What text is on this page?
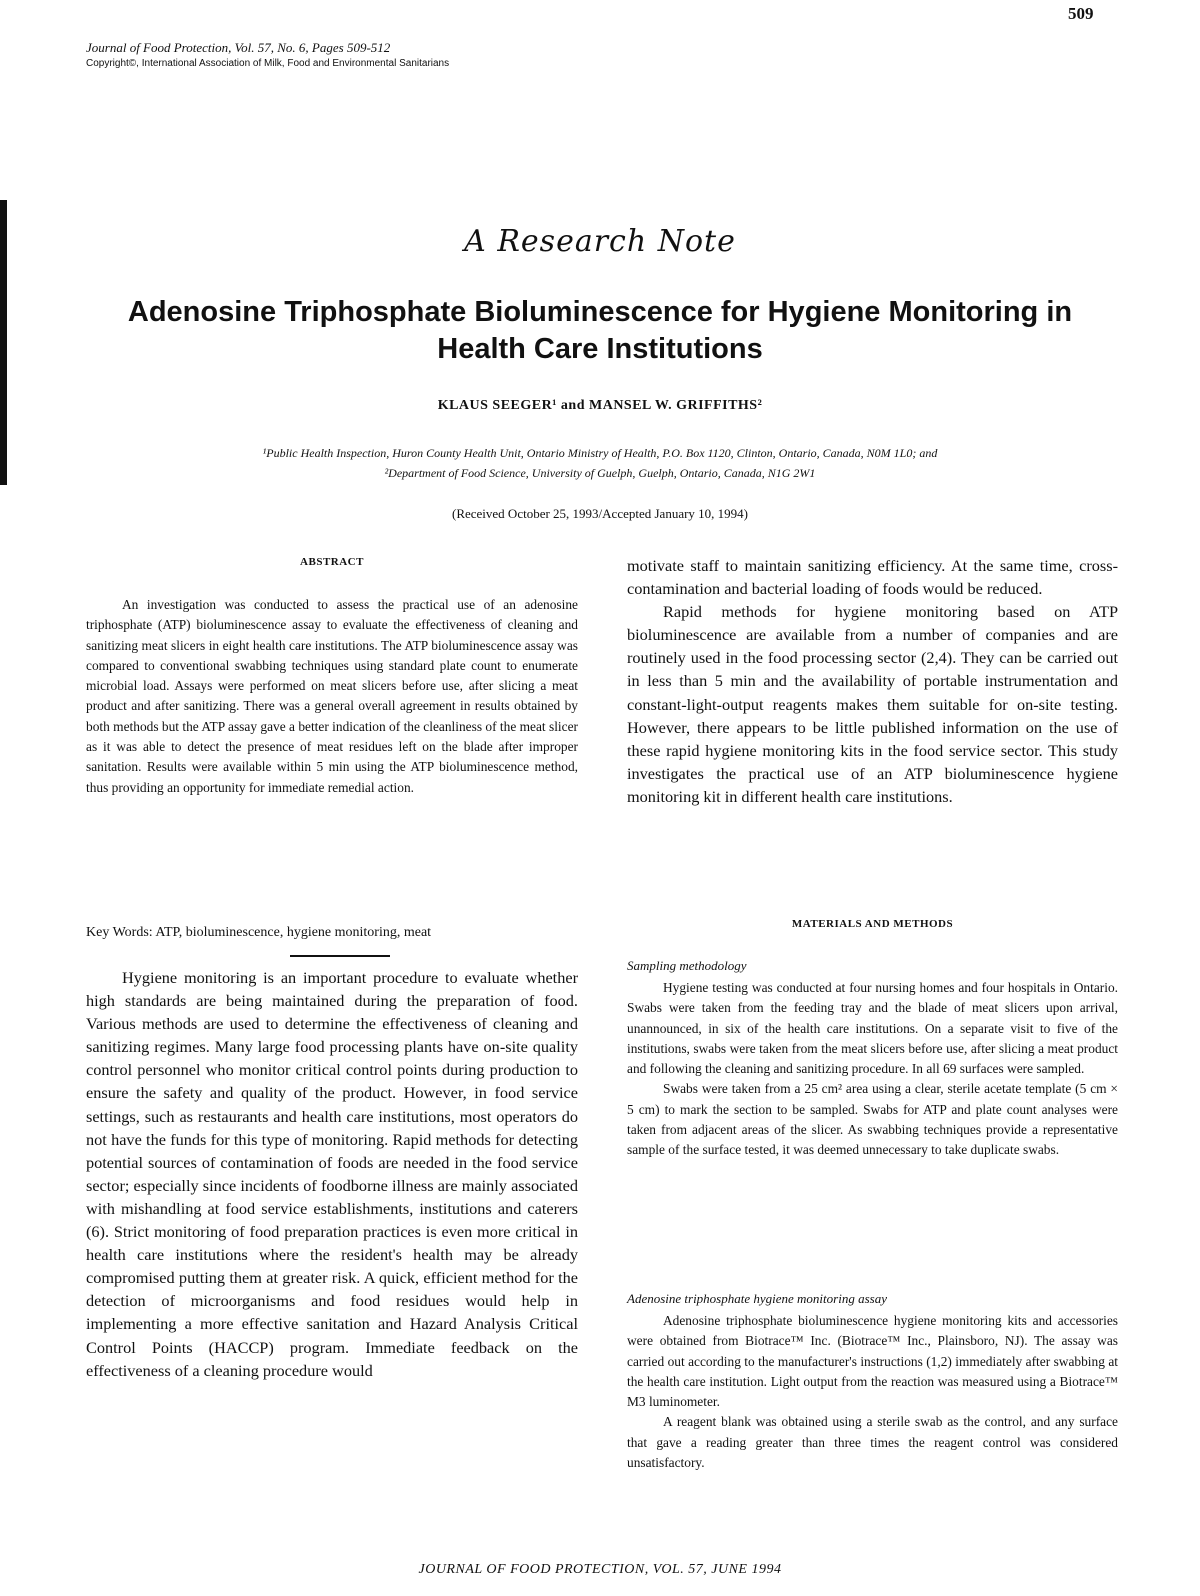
509
Journal of Food Protection, Vol. 57, No. 6, Pages 509-512
Copyright©, International Association of Milk, Food and Environmental Sanitarians
A Research Note
Adenosine Triphosphate Bioluminescence for Hygiene Monitoring in Health Care Institutions
KLAUS SEEGER¹ and MANSEL W. GRIFFITHS²
¹Public Health Inspection, Huron County Health Unit, Ontario Ministry of Health, P.O. Box 1120, Clinton, Ontario, Canada, N0M 1L0; and
²Department of Food Science, University of Guelph, Guelph, Ontario, Canada, N1G 2W1
(Received October 25, 1993/Accepted January 10, 1994)
ABSTRACT

An investigation was conducted to assess the practical use of an adenosine triphosphate (ATP) bioluminescence assay to evaluate the effectiveness of cleaning and sanitizing meat slicers in eight health care institutions. The ATP bioluminescence assay was compared to conventional swabbing techniques using standard plate count to enumerate microbial load. Assays were performed on meat slicers before use, after slicing a meat product and after sanitizing. There was a general overall agreement in results obtained by both methods but the ATP assay gave a better indication of the cleanliness of the meat slicer as it was able to detect the presence of meat residues left on the blade after improper sanitation. Results were available within 5 min using the ATP bioluminescence method, thus providing an opportunity for immediate remedial action.

Key Words: ATP, bioluminescence, hygiene monitoring, meat

Hygiene monitoring is an important procedure to evaluate whether high standards are being maintained during the preparation of food. Various methods are used to determine the effectiveness of cleaning and sanitizing regimes. Many large food processing plants have on-site quality control personnel who monitor critical control points during production to ensure the safety and quality of the product. However, in food service settings, such as restaurants and health care institutions, most operators do not have the funds for this type of monitoring. Rapid methods for detecting potential sources of contamination of foods are needed in the food service sector; especially since incidents of foodborne illness are mainly associated with mishandling at food service establishments, institutions and caterers (6). Strict monitoring of food preparation practices is even more critical in health care institutions where the resident's health may be already compromised putting them at greater risk. A quick, efficient method for the detection of microorganisms and food residues would help in implementing a more effective sanitation and Hazard Analysis Critical Control Points (HACCP) program. Immediate feedback on the effectiveness of a cleaning procedure would

motivate staff to maintain sanitizing efficiency. At the same time, cross-contamination and bacterial loading of foods would be reduced.

Rapid methods for hygiene monitoring based on ATP bioluminescence are available from a number of companies and are routinely used in the food processing sector (2,4). They can be carried out in less than 5 min and the availability of portable instrumentation and constant-light-output reagents makes them suitable for on-site testing. However, there appears to be little published information on the use of these rapid hygiene monitoring kits in the food service sector. This study investigates the practical use of an ATP bioluminescence hygiene monitoring kit in different health care institutions.

MATERIALS AND METHODS
Sampling methodology

Hygiene testing was conducted at four nursing homes and four hospitals in Ontario. Swabs were taken from the feeding tray and the blade of meat slicers upon arrival, unannounced, in six of the health care institutions. On a separate visit to five of the institutions, swabs were taken from the meat slicers before use, after slicing a meat product and following the cleaning and sanitizing procedure. In all 69 surfaces were sampled.

Swabs were taken from a 25 cm² area using a clear, sterile acetate template (5 cm × 5 cm) to mark the section to be sampled. Swabs for ATP and plate count analyses were taken from adjacent areas of the slicer. As swabbing techniques provide a representative sample of the surface tested, it was deemed unnecessary to take duplicate swabs.

Adenosine triphosphate hygiene monitoring assay

Adenosine triphosphate bioluminescence hygiene monitoring kits and accessories were obtained from Biotrace™ Inc. (Biotrace™ Inc., Plainsboro, NJ). The assay was carried out according to the manufacturer's instructions (1,2) immediately after swabbing at the health care institution. Light output from the reaction was measured using a Biotrace™ M3 luminometer.

A reagent blank was obtained using a sterile swab as the control, and any surface that gave a reading greater than three times the reagent control was considered unsatisfactory.

JOURNAL OF FOOD PROTECTION, VOL. 57, JUNE 1994
